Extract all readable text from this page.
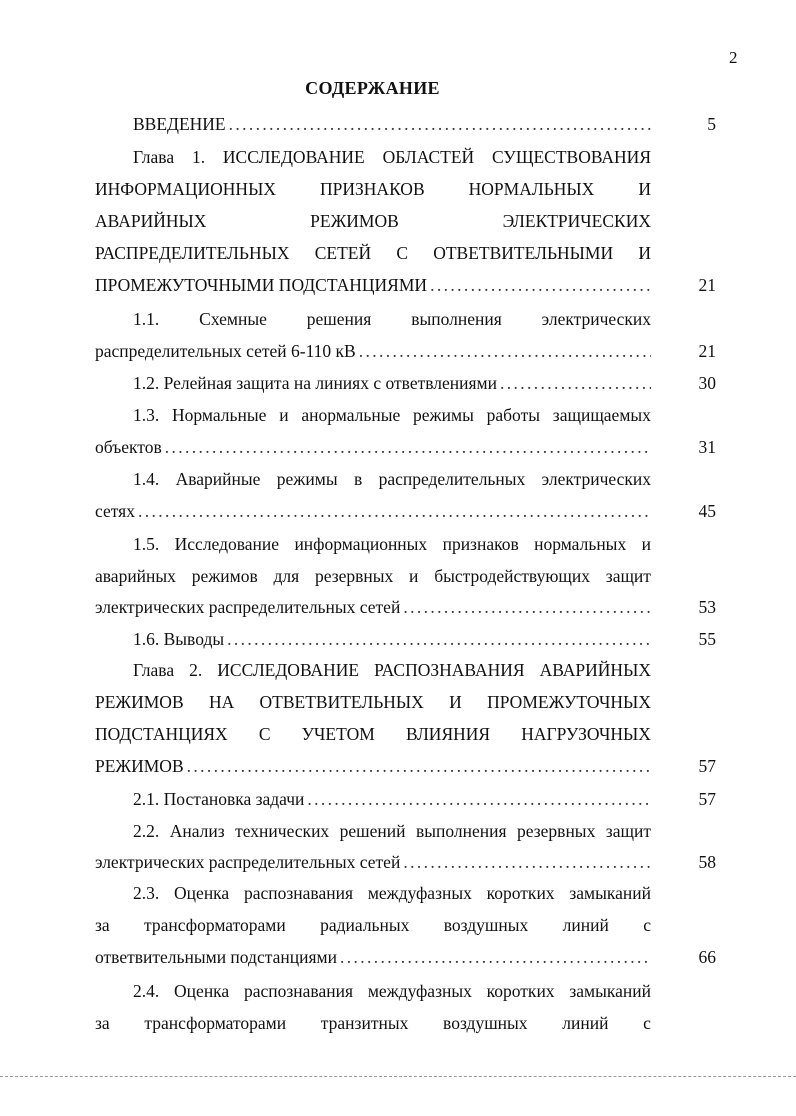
2
СОДЕРЖАНИЕ
ВВЕДЕНИЕ . . .	5
Глава 1. ИССЛЕДОВАНИЕ ОБЛАСТЕЙ СУЩЕСТВОВАНИЯ
ИНФОРМАЦИОННЫХ	ПРИЗНАКОВ	НОРМАЛЬНЫХ	И
АВАРИЙНЫХ	РЕЖИМОВ	ЭЛЕКТРИЧЕСКИХ
РАСПРЕДЕЛИТЕЛЬНЫХ СЕТЕЙ С ОТВЕТВИТЕЛЬНЫМИ И
ПРОМЕЖУТОЧНЫМИ ПОДСТАНЦИЯМИ . . .	21
1.1. Схемные решения выполнения электрических
распределительных сетей 6-110 кВ . . .	21
1.2. Релейная защита на линиях с ответвлениями . . .	30
1.3. Нормальные и анормальные режимы работы защищаемых
объектов . . .	31
1.4. Аварийные режимы в распределительных электрических
сетях . . .	45
1.5. Исследование информационных признаков нормальных и
аварийных режимов для резервных и быстродействующих защит
электрических распределительных сетей . . .	53
1.6. Выводы . . .	55
Глава 2. ИССЛЕДОВАНИЕ РАСПОЗНАВАНИЯ АВАРИЙНЫХ
РЕЖИМОВ НА ОТВЕТВИТЕЛЬНЫХ И ПРОМЕЖУТОЧНЫХ
ПОДСТАНЦИЯХ С УЧЕТОМ ВЛИЯНИЯ НАГРУЗОЧНЫХ
РЕЖИМОВ . . .	57
2.1. Постановка задачи . . .	57
2.2. Анализ технических решений выполнения резервных защит
электрических распределительных сетей . . .	58
2.3. Оценка распознавания междуфазных коротких замыканий
за трансформаторами радиальных воздушных линий с
ответвительными подстанциями . . .	66
2.4. Оценка распознавания междуфазных коротких замыканий
за трансформаторами транзитных воздушных линий с
